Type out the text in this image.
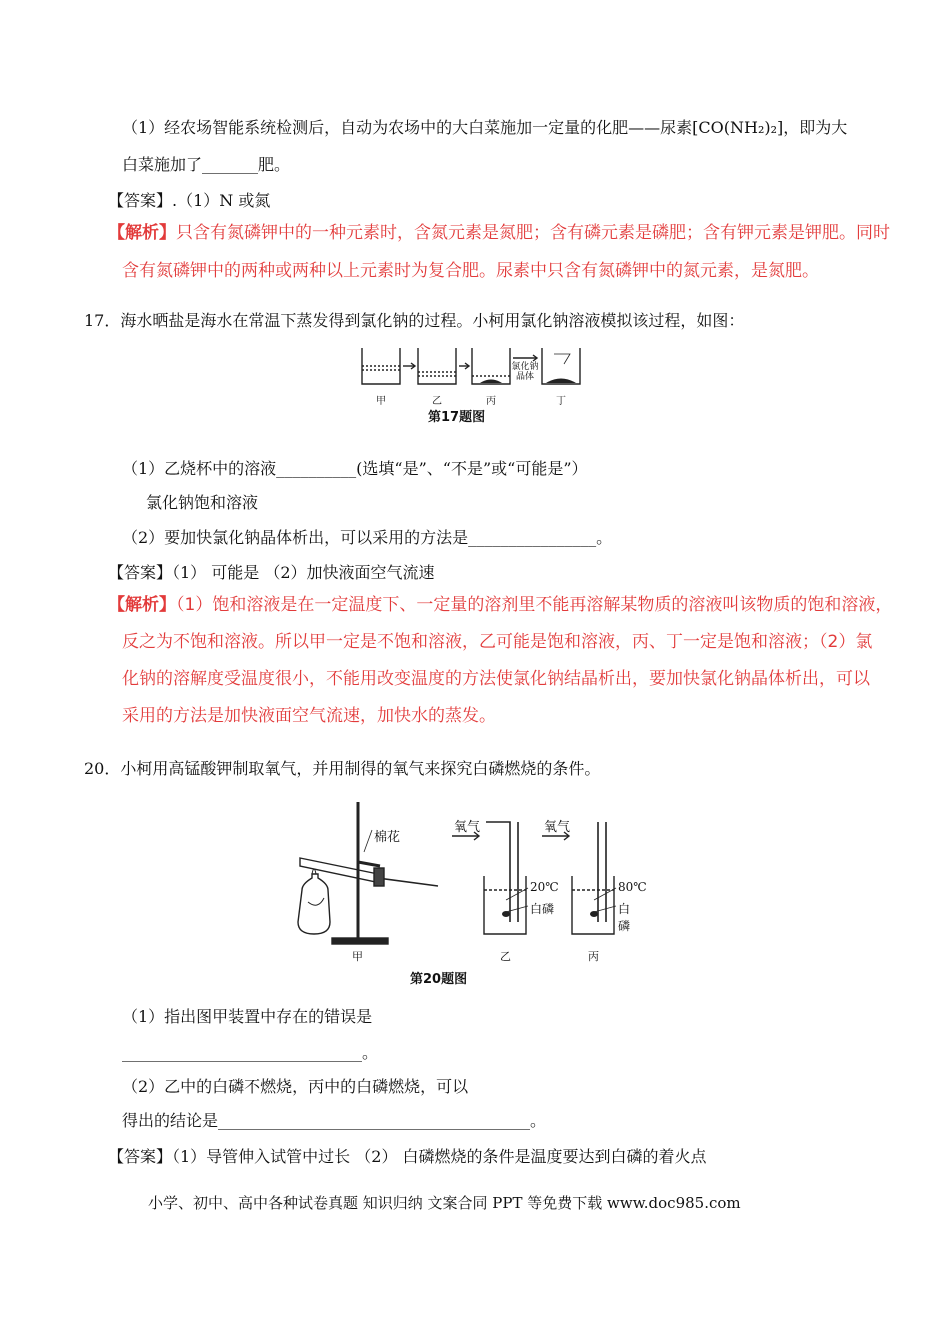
（1）经农场智能系统检测后，自动为农场中的大白菜施加一定量的化肥——尿素[CO(NH₂)₂]，即为大
白菜施加了_______肥。
【答案】.（1）N 或氮
【解析】只含有氮磷钾中的一种元素时，含氮元素是氮肥；含有磷元素是磷肥；含有钾元素是钾肥。同时
含有氮磷钾中的两种或两种以上元素时为复合肥。尿素中只含有氮磷钾中的氮元素，是氮肥。
17．海水晒盐是海水在常温下蒸发得到氯化钠的过程。小柯用氯化钠溶液模拟该过程，如图：
氯化钠
晶体
甲	乙	丙	丁
第17题图
（1）乙烧杯中的溶液__________(选填“是”、“不是”或“可能是”）
氯化钠饱和溶液
（2）要加快氯化钠晶体析出，可以采用的方法是________________。
【答案】（1） 可能是 （2）加快液面空气流速
【解析】（1）饱和溶液是在一定温度下、一定量的溶剂里不能再溶解某物质的溶液叫该物质的饱和溶液，
反之为不饱和溶液。所以甲一定是不饱和溶液，乙可能是饱和溶液，丙、丁一定是饱和溶液；（2）氯
化钠的溶解度受温度很小，不能用改变温度的方法使氯化钠结晶析出，要加快氯化钠晶体析出，可以
采用的方法是加快液面空气流速，加快水的蒸发。
20．小柯用高锰酸钾制取氧气，并用制得的氧气来探究白磷燃烧的条件。
棉花
氧气	氧气
20℃
白磷
80℃
白磷
甲	乙	丙
第20题图
（1）指出图甲装置中存在的错误是
______________________________。
（2）乙中的白磷不燃烧，丙中的白磷燃烧，可以
得出的结论是_______________________________________。
【答案】（1）导管伸入试管中过长 （2） 白磷燃烧的条件是温度要达到白磷的着火点
小学、初中、高中各种试卷真题 知识归纳 文案合同 PPT 等免费下载 www.doc985.com
